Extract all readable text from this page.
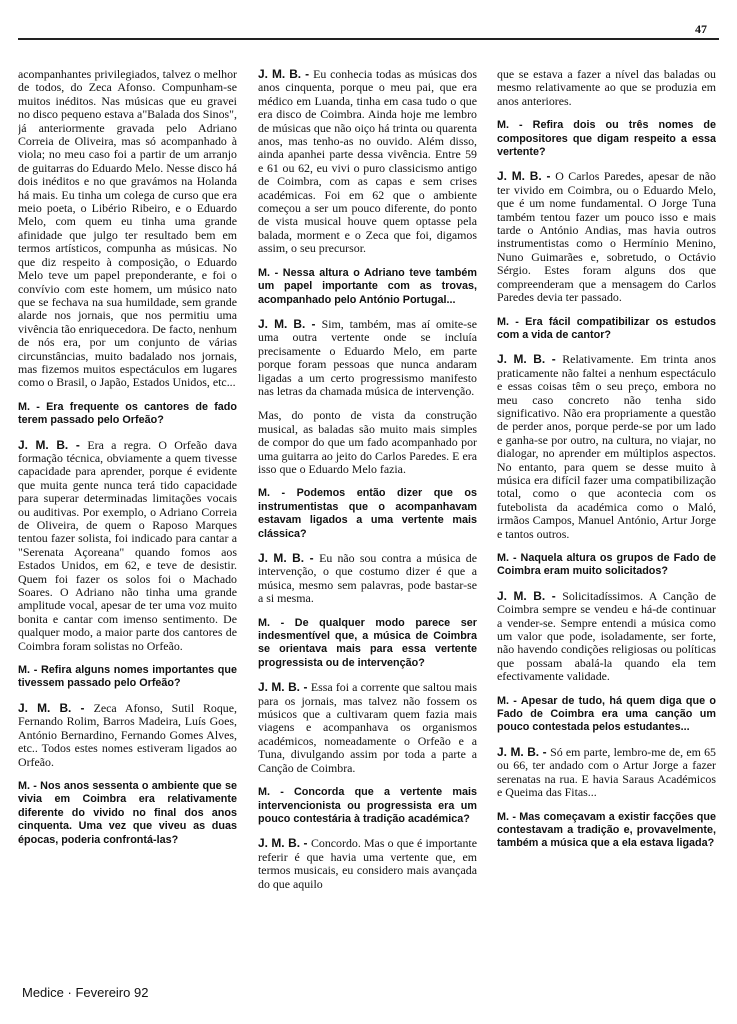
47

acompanhantes privilegiados, talvez o melhor de todos, do Zeca Afonso. Compunham-se muitos inéditos. Nas músicas que eu gravei no disco pequeno estava a"Balada dos Sinos", já anteriormente gravada pelo Adriano Correia de Oliveira, mas só acompanhado à viola; no meu caso foi a partir de um arranjo de guitarras do Eduardo Melo. Nesse disco há dois inéditos e no que gravámos na Holanda há mais. Eu tinha um colega de curso que era meio poeta, o Libério Ribeiro, e o Eduardo Melo, com quem eu tinha uma grande afinidade que julgo ter resultado bem em termos artísticos, compunha as músicas. No que diz respeito à composição, o Eduardo Melo teve um papel preponderante, e foi o convívio com este homem, um músico nato que se fechava na sua humildade, sem grande alarde nos jornais, que nos permitiu uma vivência tão enriquecedora. De facto, nenhum de nós era, por um conjunto de várias circunstâncias, muito badalado nos jornais, mas fizemos muitos espectáculos em lugares como o Brasil, o Japão, Estados Unidos, etc...

M. - Era frequente os cantores de fado terem passado pelo Orfeão?

J. M. B. - Era a regra. O Orfeão dava formação técnica, obviamente a quem tivesse capacidade para aprender, porque é evidente que muita gente nunca terá tido capacidade para superar determinadas limitações vocais ou auditivas. Por exemplo, o Adriano Correia de Oliveira, de quem o Raposo Marques tentou fazer solista, foi indicado para cantar a "Serenata Açoreana" quando fomos aos Estados Unidos, em 62, e teve de desistir. Quem foi fazer os solos foi o Machado Soares. O Adriano não tinha uma grande amplitude vocal, apesar de ter uma voz muito bonita e cantar com imenso sentimento. De qualquer modo, a maior parte dos cantores de Coimbra foram solistas no Orfeão.

M. - Refira alguns nomes importantes que tivessem passado pelo Orfeão?

J. M. B. - Zeca Afonso, Sutil Roque, Fernando Rolim, Barros Madeira, Luís Goes, António Bernardino, Fernando Gomes Alves, etc.. Todos estes nomes estiveram ligados ao Orfeão.

M. - Nos anos sessenta o ambiente que se vivia em Coimbra era relativamente diferente do vivido no final dos anos cinquenta. Uma vez que viveu as duas épocas, poderia confrontá-las?

J. M. B. - Eu conhecia todas as músicas dos anos cinquenta, porque o meu pai, que era médico em Luanda, tinha em casa tudo o que era disco de Coimbra. Ainda hoje me lembro de músicas que não oiço há trinta ou quarenta anos, mas tenho-as no ouvido. Além disso, ainda apanhei parte dessa vivência. Entre 59 e 61 ou 62, eu vivi o puro classicismo antigo de Coimbra, com as capas e sem crises académicas. Foi em 62 que o ambiente começou a ser um pouco diferente, do ponto de vista musical houve quem optasse pela balada, morment e o Zeca que foi, digamos assim, o seu precursor.

M. - Nessa altura o Adriano teve também um papel importante com as trovas, acompanhado pelo António Portugal...

J. M. B. - Sim, também, mas aí omite-se uma outra vertente onde se incluía precisamente o Eduardo Melo, em parte porque foram pessoas que nunca andaram ligadas a um certo progressismo manifesto nas letras da chamada música de intervenção.

Mas, do ponto de vista da construção musical, as baladas são muito mais simples de compor do que um fado acompanhado por uma guitarra ao jeito do Carlos Paredes. E era isso que o Eduardo Melo fazia.

M. - Podemos então dizer que os instrumentistas que o acompanhavam estavam ligados a uma vertente mais clássica?

J. M. B. - Eu não sou contra a música de intervenção, o que costumo dizer é que a música, mesmo sem palavras, pode bastar-se a si mesma.

M. - De qualquer modo parece ser indesmentível que, a música de Coimbra se orientava mais para essa vertente progressista ou de intervenção?

J. M. B. - Essa foi a corrente que saltou mais para os jornais, mas talvez não fossem os músicos que a cultivaram quem fazia mais viagens e acompanhava os organismos académicos, nomeadamente o Orfeão e a Tuna, divulgando assim por toda a parte a Canção de Coimbra.

M. - Concorda que a vertente mais intervencionista ou progressista era um pouco contestária à tradição académica?

J. M. B. - Concordo. Mas o que é importante referir é que havia uma vertente que, em termos musicais, eu considero mais avançada do que aquilo

que se estava a fazer a nível das baladas ou mesmo relativamente ao que se produzia em anos anteriores.

M. - Refira dois ou três nomes de compositores que digam respeito a essa vertente?

J. M. B. - O Carlos Paredes, apesar de não ter vivido em Coimbra, ou o Eduardo Melo, que é um nome fundamental. O Jorge Tuna também tentou fazer um pouco isso e mais tarde o António Andias, mas havia outros instrumentistas como o Hermínio Menino, Nuno Guimarães e, sobretudo, o Octávio Sérgio. Estes foram alguns dos que compreenderam que a mensagem do Carlos Paredes devia ter passado.

M. - Era fácil compatibilizar os estudos com a vida de cantor?

J. M. B. - Relativamente. Em trinta anos praticamente não faltei a nenhum espectáculo e essas coisas têm o seu preço, embora no meu caso concreto não tenha sido significativo. Não era propriamente a questão de perder anos, porque perde-se por um lado e ganha-se por outro, na cultura, no viajar, no dialogar, no aprender em múltiplos aspectos. No entanto, para quem se desse muito à música era difícil fazer uma compatibilização total, como o que acontecia com os futebolista da académica como o Maló, irmãos Campos, Manuel António, Artur Jorge e tantos outros.

M. - Naquela altura os grupos de Fado de Coimbra eram muito solicitados?

J. M. B. - Solicitadíssimos. A Canção de Coimbra sempre se vendeu e há-de continuar a vender-se. Sempre entendi a música como um valor que pode, isoladamente, ser forte, não havendo condições religiosas ou políticas que possam abalá-la quando ela tem efectivamente validade.

M. - Apesar de tudo, há quem diga que o Fado de Coimbra era uma canção um pouco contestada pelos estudantes...

J. M. B. - Só em parte, lembro-me de, em 65 ou 66, ter andado com o Artur Jorge a fazer serenatas na rua. E havia Saraus Académicos e Queima das Fitas...

M. - Mas começavam a existir facções que contestavam a tradição e, provavelmente, também a música que a ela estava ligada?

Medice · Fevereiro 92
